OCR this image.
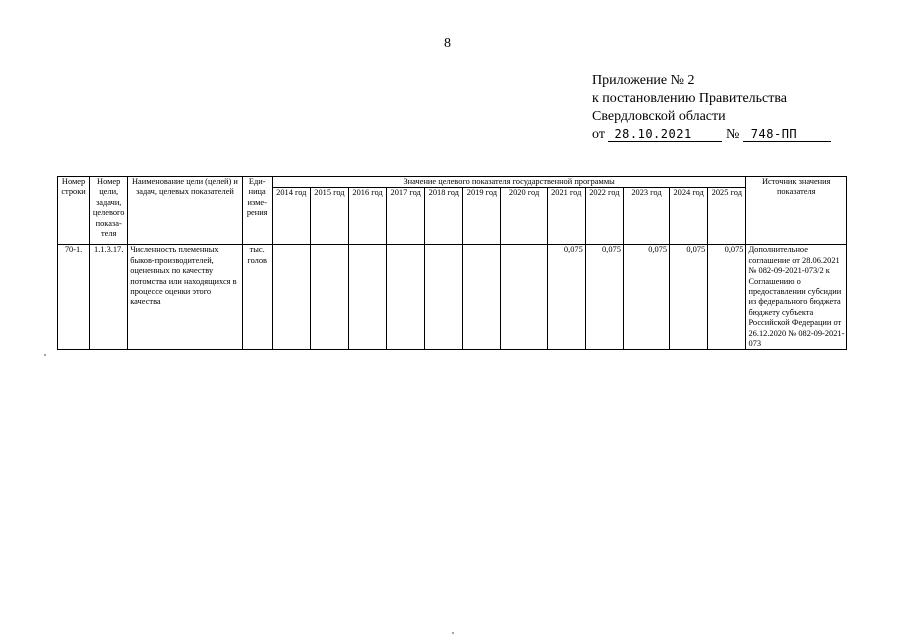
8
Приложение № 2
к постановлению Правительства
Свердловской области
от 28.10.2021 № 748-ПП
Номер строки	Номер цели, задачи, целевого показа-теля	Наименование цели (целей) и задач, целевых показателей	Еди-ница изме-рения	Значение целевого показателя государственной программы												Источник значения показателя
				2014 год	2015 год	2016 год	2017 год	2018 год	2019 год	2020 год	2021 год	2022 год	2023 год	2024 год	2025 год	
70-1.	1.1.3.17.	Численность племенных быков-производителей, оцененных по качеству потомства или находящихся в процессе оценки этого качества	тыс. голов								0,075	0,075	0,075	0,075	0,075	Дополнительное соглашение от 28.06.2021 № 082-09-2021-073/2 к Соглашению о предоставлении субсидии из федерального бюджета бюджету субъекта Российской Федерации от 26.12.2020 № 082-09-2021-073
